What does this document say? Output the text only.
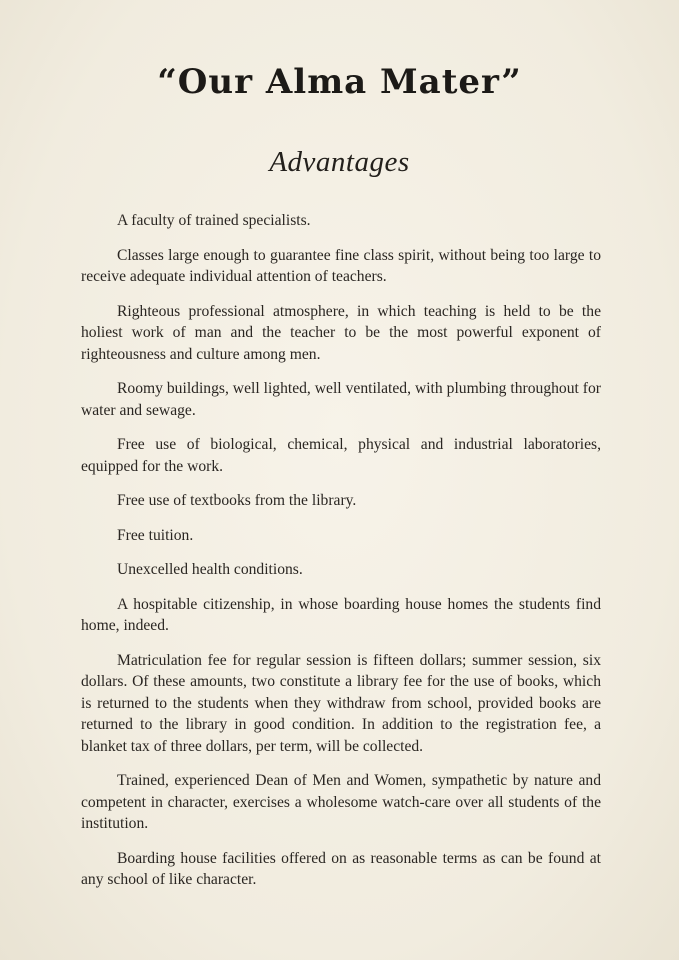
“Our Alma Mater”
Advantages

A faculty of trained specialists.

Classes large enough to guarantee fine class spirit, without being too large to receive adequate individual attention of teachers.

Righteous professional atmosphere, in which teaching is held to be the holiest work of man and the teacher to be the most powerful exponent of righteousness and culture among men.

Roomy buildings, well lighted, well ventilated, with plumbing throughout for water and sewage.

Free use of biological, chemical, physical and industrial laboratories, equipped for the work.

Free use of textbooks from the library.

Free tuition.

Unexcelled health conditions.

A hospitable citizenship, in whose boarding house homes the students find home, indeed.

Matriculation fee for regular session is fifteen dollars; summer session, six dollars. Of these amounts, two constitute a library fee for the use of books, which is returned to the students when they withdraw from school, provided books are returned to the library in good condition. In addition to the registration fee, a blanket tax of three dollars, per term, will be collected.

Trained, experienced Dean of Men and Women, sympathetic by nature and competent in character, exercises a wholesome watch-care over all students of the institution.

Boarding house facilities offered on as reasonable terms as can be found at any school of like character.
